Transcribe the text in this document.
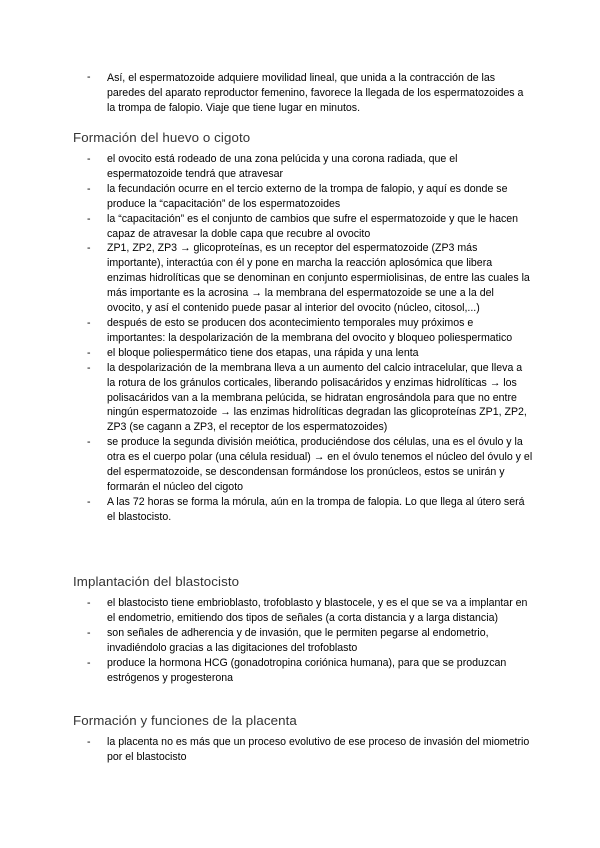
-	Así, el espermatozoide adquiere movilidad lineal, que unida a la contracción de las paredes del aparato reproductor femenino, favorece la llegada de los espermatozoides a la trompa de falopio. Viaje que tiene lugar en minutos.
Formación del huevo o cigoto
- el ovocito está rodeado de una zona pelúcida y una corona radiada, que el espermatozoide tendrá que atravesar
- la fecundación ocurre en el tercio externo de la trompa de falopio, y aquí es donde se produce la “capacitación” de los espermatozoides
- la “capacitación” es el conjunto de cambios que sufre el espermatozoide y que le hacen capaz de atravesar la doble capa que recubre al ovocito
- ZP1, ZP2, ZP3 → glicoproteínas, es un receptor del espermatozoide (ZP3 más importante), interactúa con él y pone en marcha la reacción aplosómica que libera enzimas hidrolíticas que se denominan en conjunto espermiolisinas, de entre las cuales la más importante es la acrosina → la membrana del espermatozoide se une a la del ovocito, y así el contenido puede pasar al interior del ovocito (núcleo, citosol,...)
- después de esto se producen dos acontecimiento temporales muy próximos e importantes: la despolarización de la membrana del ovocito y bloqueo poliespermatico
- el bloque poliespermático tiene dos etapas, una rápida y una lenta
- la despolarización de la membrana lleva a un aumento del calcio intracelular, que lleva a la rotura de los gránulos corticales, liberando polisacáridos y enzimas hidrolíticas → los polisacáridos van a la membrana pelúcida, se hidratan engrosándola para que no entre ningún espermatozoide → las enzimas hidrolíticas degradan las glicoproteínas ZP1, ZP2, ZP3 (se cagann a ZP3, el receptor de los espermatozoides)
- se produce la segunda división meiótica, produciéndose dos células, una es el óvulo y la otra es el cuerpo polar (una célula residual) → en el óvulo tenemos el núcleo del óvulo y el del espermatozoide, se descondensan formándose los pronúcleos, estos se unirán y formarán el núcleo del cigoto
- A las 72 horas se forma la mórula, aún en la trompa de falopia. Lo que llega al útero será el blastocisto.
Implantación del blastocisto
- el blastocisto tiene embrioblasto, trofoblasto y blastocele, y es el que se va a implantar en el endometrio, emitiendo dos tipos de señales (a corta distancia y a larga distancia)
- son señales de adherencia y de invasión, que le permiten pegarse al endometrio, invadiéndolo gracias a las digitaciones del trofoblasto
- produce la hormona HCG (gonadotropina coriónica humana), para que se produzcan estrógenos y progesterona
Formación y funciones de la placenta
- la placenta no es más que un proceso evolutivo de ese proceso de invasión del miometrio por el blastocisto
